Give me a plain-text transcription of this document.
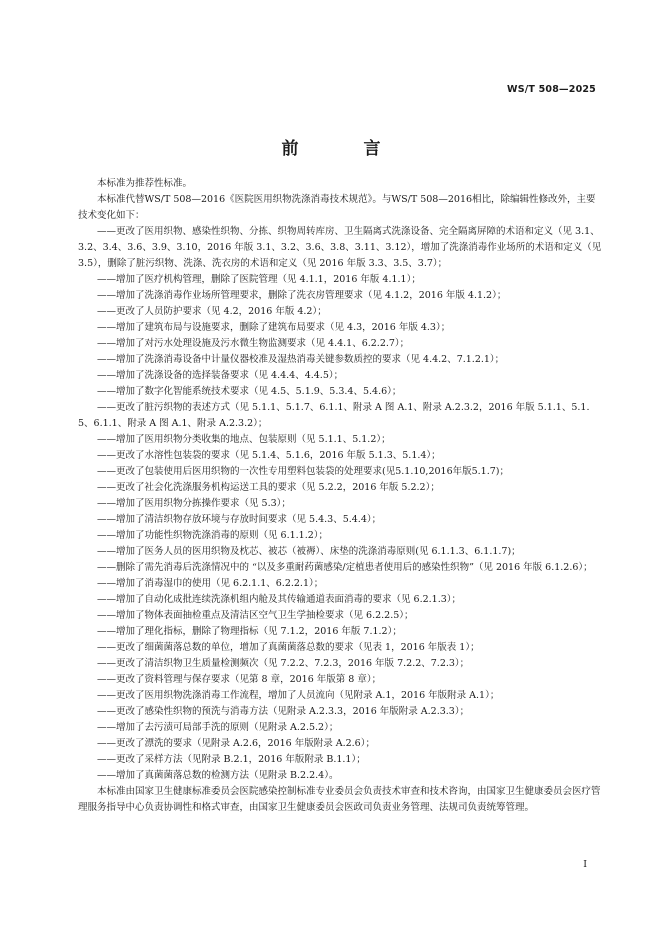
WS/T 508—2025
前　言

本标准为推荐性标准。

本标准代替WS/T 508—2016《医院医用织物洗涤消毒技术规范》。与WS/T 508—2016相比，除编辑性修改外，主要技术变化如下：

——更改了医用织物、感染性织物、分拣、织物周转库房、卫生隔离式洗涤设备、完全隔离屏障的术语和定义（见 3.1、3.2、3.4、3.6、3.9、3.10，2016 年版 3.1、3.2、3.6、3.8、3.11、3.12），增加了洗涤消毒作业场所的术语和定义（见 3.5），删除了脏污织物、洗涤、洗衣房的术语和定义（见 2016 年版 3.3、3.5、3.7）；

——增加了医疗机构管理，删除了医院管理（见 4.1.1，2016 年版 4.1.1）；

——增加了洗涤消毒作业场所管理要求，删除了洗衣房管理要求（见 4.1.2，2016 年版 4.1.2）；

——更改了人员防护要求（见 4.2，2016 年版 4.2）；

——增加了建筑布局与设施要求，删除了建筑布局要求（见 4.3，2016 年版 4.3）；

——增加了对污水处理设施及污水微生物监测要求（见 4.4.1、6.2.2.7）；

——增加了洗涤消毒设备中计量仪器校准及湿热消毒关键参数质控的要求（见 4.4.2、7.1.2.1）；

——增加了洗涤设备的选择装备要求（见 4.4.4、4.4.5）；

——增加了数字化智能系统技术要求（见 4.5、5.1.9、5.3.4、5.4.6）；

——更改了脏污织物的表述方式（见 5.1.1、5.1.7、6.1.1、附录 A 图 A.1、附录 A.2.3.2，2016 年版 5.1.1、5.1.5、6.1.1、附录 A 图 A.1、附录 A.2.3.2）；

——增加了医用织物分类收集的地点、包装原则（见 5.1.1、5.1.2）；

——更改了水溶性包装袋的要求（见 5.1.4、5.1.6，2016 年版 5.1.3、5.1.4）；

——更改了包装使用后医用织物的一次性专用塑料包装袋的处理要求(见5.1.10,2016年版5.1.7)；

——更改了社会化洗涤服务机构运送工具的要求（见 5.2.2，2016 年版 5.2.2）；

——增加了医用织物分拣操作要求（见 5.3）；

——增加了清洁织物存放环境与存放时间要求（见 5.4.3、5.4.4）；

——增加了功能性织物洗涤消毒的原则（见 6.1.1.2）；

——增加了医务人员的医用织物及枕芯、被芯（被褥）、床垫的洗涤消毒原则(见 6.1.1.3、6.1.1.7)；

——删除了需先消毒后洗涤情况中的 “以及多重耐药菌感染/定植患者使用后的感染性织物”（见 2016 年版 6.1.2.6）；

——增加了消毒湿巾的使用（见 6.2.1.1、6.2.2.1）；

——增加了自动化成批连续洗涤机组内舱及其传输通道表面消毒的要求（见 6.2.1.3）；

——增加了物体表面抽检重点及清洁区空气卫生学抽检要求（见 6.2.2.5）；

——增加了理化指标，删除了物理指标（见 7.1.2，2016 年版 7.1.2）；

——更改了细菌菌落总数的单位，增加了真菌菌落总数的要求（见表 1，2016 年版表 1）；

——更改了清洁织物卫生质量检测频次（见 7.2.2、7.2.3，2016 年版 7.2.2、7.2.3）；

——更改了资料管理与保存要求（见第 8 章，2016 年版第 8 章）；

——更改了医用织物洗涤消毒工作流程，增加了人员流向（见附录 A.1，2016 年版附录 A.1）；

——更改了感染性织物的预洗与消毒方法（见附录 A.2.3.3，2016 年版附录 A.2.3.3）；

——增加了去污渍可局部手洗的原则（见附录 A.2.5.2）；

——更改了漂洗的要求（见附录 A.2.6，2016 年版附录 A.2.6）；

——更改了采样方法（见附录 B.2.1，2016 年版附录 B.1.1）；

——增加了真菌菌落总数的检测方法（见附录 B.2.2.4）。

本标准由国家卫生健康标准委员会医院感染控制标准专业委员会负责技术审查和技术咨询，由国家卫生健康委员会医疗管理服务指导中心负责协调性和格式审查，由国家卫生健康委员会医政司负责业务管理、法规司负责统筹管理。

I
